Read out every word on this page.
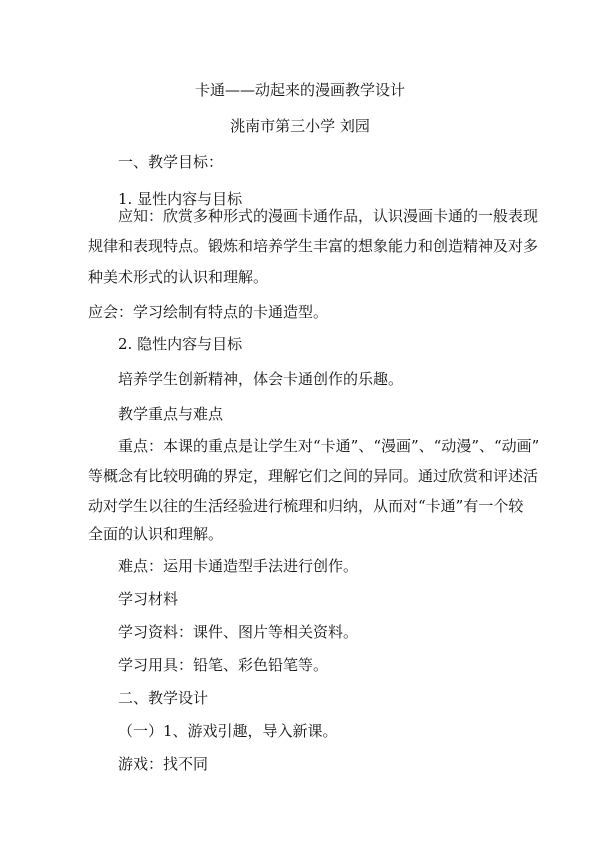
卡通——动起来的漫画教学设计

洮南市第三小学 刘园

一、教学目标：

1. 显性内容与目标

应知：欣赏多种形式的漫画卡通作品，认识漫画卡通的一般表现

规律和表现特点。锻炼和培养学生丰富的想象能力和创造精神及对多

种美术形式的认识和理解。

应会：学习绘制有特点的卡通造型。

2. 隐性内容与目标

培养学生创新精神，体会卡通创作的乐趣。

教学重点与难点

重点：本课的重点是让学生对“卡通”、“漫画”、“动漫”、“动画”

等概念有比较明确的界定，理解它们之间的异同。通过欣赏和评述活

动对学生以往的生活经验进行梳理和归纳，从而对“卡通”有一个较

全面的认识和理解。

难点：运用卡通造型手法进行创作。

学习材料

学习资料：课件、图片等相关资料。

学习用具：铅笔、彩色铅笔等。

二、教学设计

（一）1、游戏引趣，导入新课。

游戏：找不同
